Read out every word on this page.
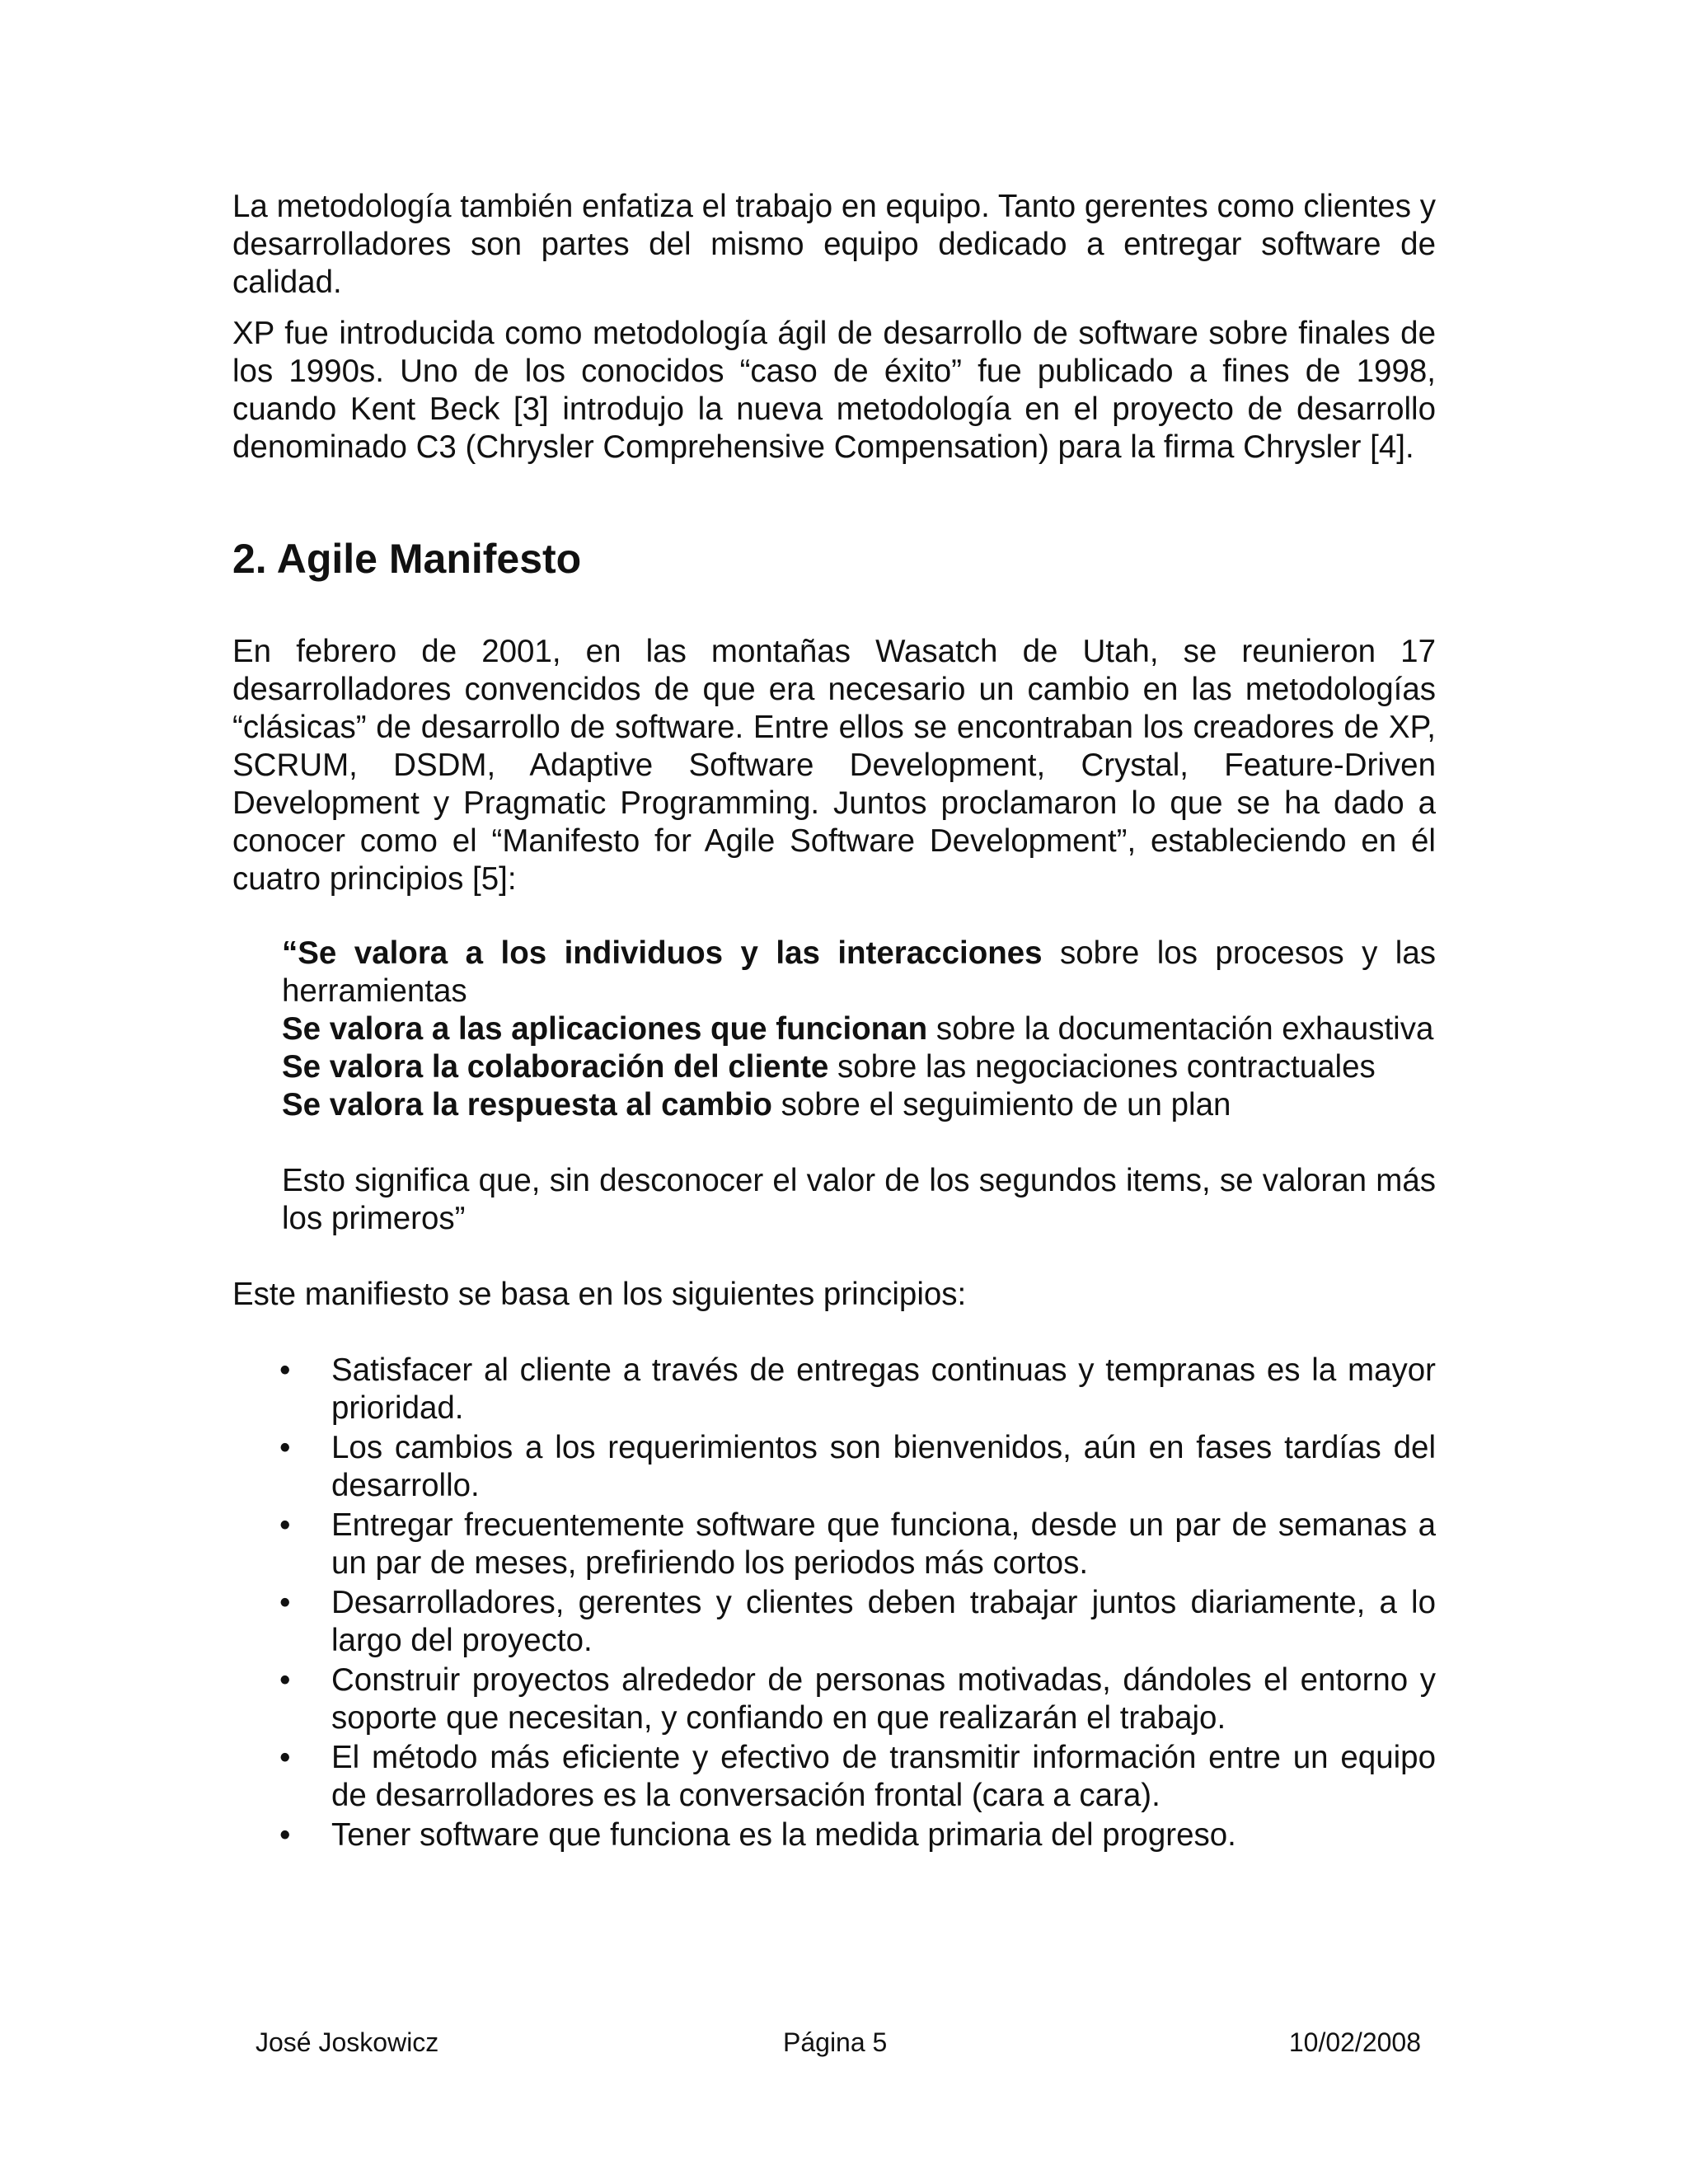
La metodología también enfatiza el trabajo en equipo. Tanto gerentes como clientes y desarrolladores son partes del mismo equipo dedicado a entregar software de calidad.

XP fue introducida como metodología ágil de desarrollo de software sobre finales de los 1990s. Uno de los conocidos “caso de éxito” fue publicado a fines de 1998, cuando Kent Beck [3] introdujo la nueva metodología en el proyecto de desarrollo denominado C3 (Chrysler Comprehensive Compensation) para la firma Chrysler [4].

2. Agile Manifesto

En febrero de 2001, en las montañas Wasatch de Utah, se reunieron 17 desarrolladores convencidos de que era necesario un cambio en las metodologías “clásicas” de desarrollo de software. Entre ellos se encontraban los creadores de XP, SCRUM, DSDM, Adaptive Software Development, Crystal, Feature-Driven Development y Pragmatic Programming. Juntos proclamaron lo que se ha dado a conocer como el “Manifesto for Agile Software Development”, estableciendo en él cuatro principios [5]:

“Se valora a los individuos y las interacciones sobre los procesos y las herramientas

Se valora a las aplicaciones que funcionan sobre la documentación exhaustiva

Se valora la colaboración del cliente sobre las negociaciones contractuales

Se valora la respuesta al cambio sobre el seguimiento de un plan

Esto significa que, sin desconocer el valor de los segundos items, se valoran más los primeros”

Este manifiesto se basa en los siguientes principios:

• Satisfacer al cliente a través de entregas continuas y tempranas es la mayor prioridad.
• Los cambios a los requerimientos son bienvenidos, aún en fases tardías del desarrollo.
• Entregar frecuentemente software que funciona, desde un par de semanas a un par de meses, prefiriendo los periodos más cortos.
• Desarrolladores, gerentes y clientes deben trabajar juntos diariamente, a lo largo del proyecto.
• Construir proyectos alrededor de personas motivadas, dándoles el entorno y soporte que necesitan, y confiando en que realizarán el trabajo.
• El método más eficiente y efectivo de transmitir información entre un equipo de desarrolladores es la conversación frontal (cara a cara).
• Tener software que funciona es la medida primaria del progreso.
José Joskowicz	Página 5	10/02/2008
